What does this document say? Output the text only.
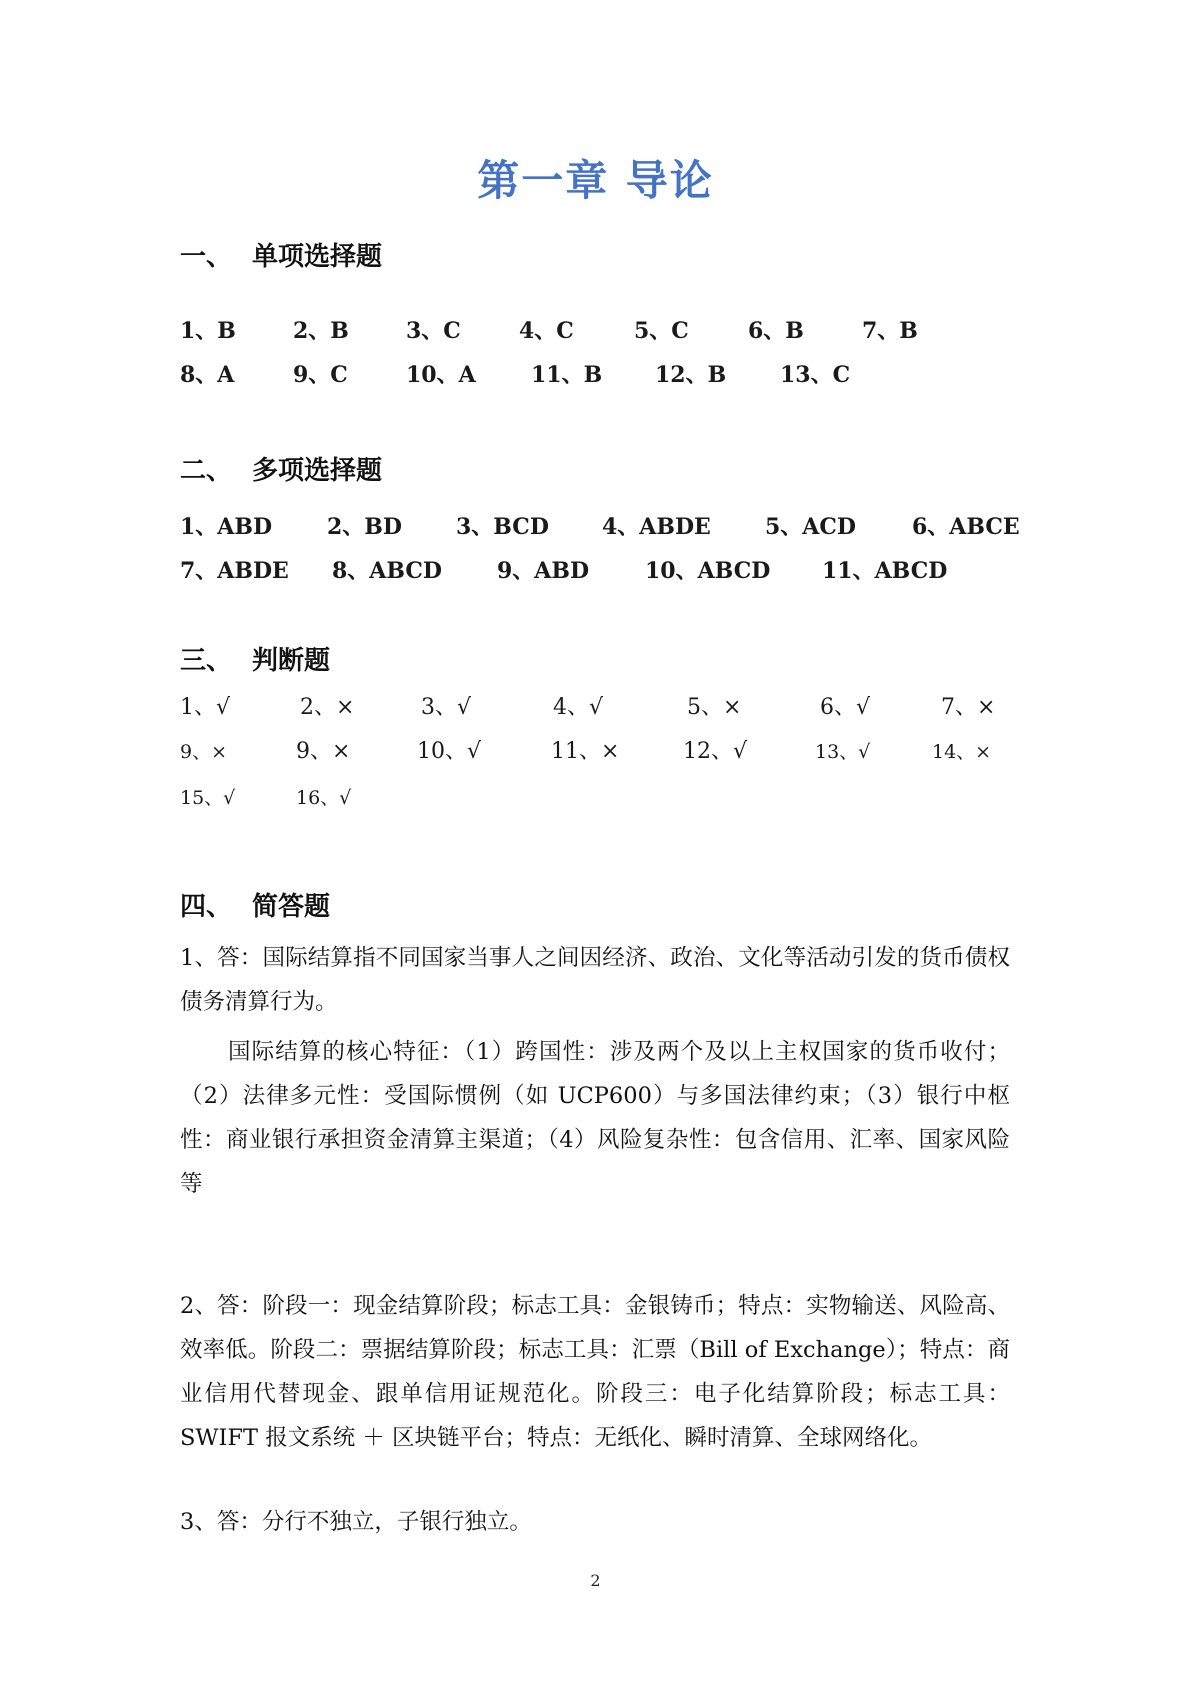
第一章 导论
一、 单项选择题
1、B	2、B	3、C	4、C	5、C	6、B	7、B
8、A	9、C	10、A	11、B 12、B 13、C
二、 多项选择题
1、ABD 2、BD 3、BCD 4、ABDE 5、ACD	6、ABCE
7、ABDE 8、ABCD	9、ABD	10、ABCD 11、ABCD
三、 判断题
1、√	2、×	3、√	4、√	5、×	6、√	7、×
9、×	9、×	10、√	11、×	12、√	13、√	14、×
15、√	16、√
四、 简答题
1、答：国际结算指不同国家当事人之间因经济、政治、文化等活动引发的货币债权债务清算行为。
国际结算的核心特征：（1）跨国性：涉及两个及以上主权国家的货币收付；（2）法律多元性：受国际惯例（如 UCP600）与多国法律约束；（3）银行中枢性：商业银行承担资金清算主渠道；（4）风险复杂性：包含信用、汇率、国家风险等
2、答：阶段一：现金结算阶段；标志工具：金银铸币；特点：实物输送、风险高、效率低。阶段二：票据结算阶段；标志工具：汇票（Bill of Exchange）；特点：商业信用代替现金、跟单信用证规范化。阶段三：电子化结算阶段；标志工具：SWIFT 报文系统 ＋ 区块链平台；特点：无纸化、瞬时清算、全球网络化。
3、答：分行不独立，子银行独立。
2
